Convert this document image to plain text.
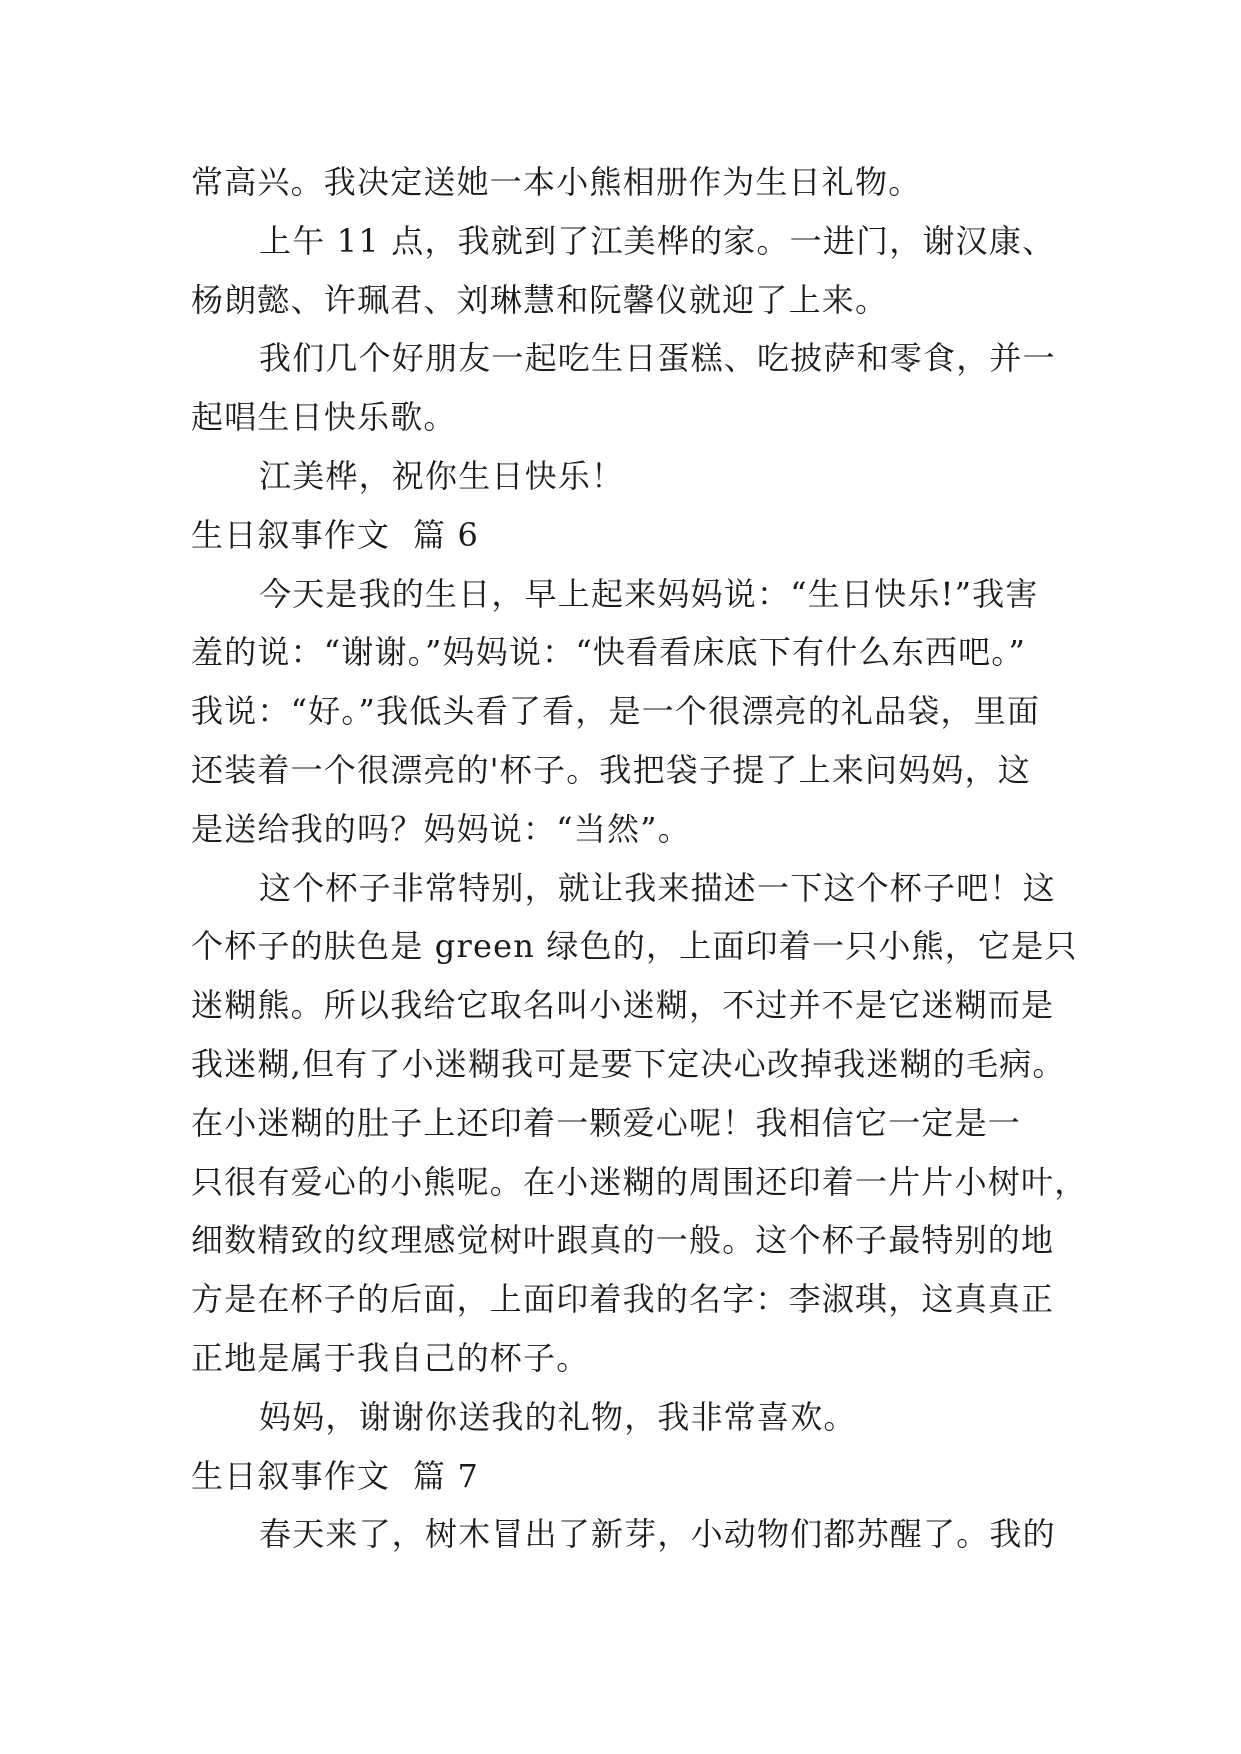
常高兴。我决定送她一本小熊相册作为生日礼物。
上午 11 点，我就到了江美桦的家。一进门，谢汉康、
杨朗懿、许珮君、刘琳慧和阮馨仪就迎了上来。
我们几个好朋友一起吃生日蛋糕、吃披萨和零食，并一
起唱生日快乐歌。
江美桦，祝你生日快乐！
生日叙事作文  篇 6
今天是我的生日，早上起来妈妈说：“生日快乐!”我害
羞的说：“谢谢。”妈妈说：“快看看床底下有什么东西吧。”
我说：“好。”我低头看了看，是一个很漂亮的礼品袋，里面
还装着一个很漂亮的'杯子。我把袋子提了上来问妈妈，这
是送给我的吗？妈妈说：“当然”。
这个杯子非常特别，就让我来描述一下这个杯子吧！这
个杯子的肤色是 green 绿色的，上面印着一只小熊，它是只
迷糊熊。所以我给它取名叫小迷糊，不过并不是它迷糊而是
我迷糊,但有了小迷糊我可是要下定决心改掉我迷糊的毛病。
在小迷糊的肚子上还印着一颗爱心呢！我相信它一定是一
只很有爱心的小熊呢。在小迷糊的周围还印着一片片小树叶，
细数精致的纹理感觉树叶跟真的一般。这个杯子最特别的地
方是在杯子的后面，上面印着我的名字：李淑琪，这真真正
正地是属于我自己的杯子。
妈妈，谢谢你送我的礼物，我非常喜欢。
生日叙事作文  篇 7
春天来了，树木冒出了新芽，小动物们都苏醒了。我的
